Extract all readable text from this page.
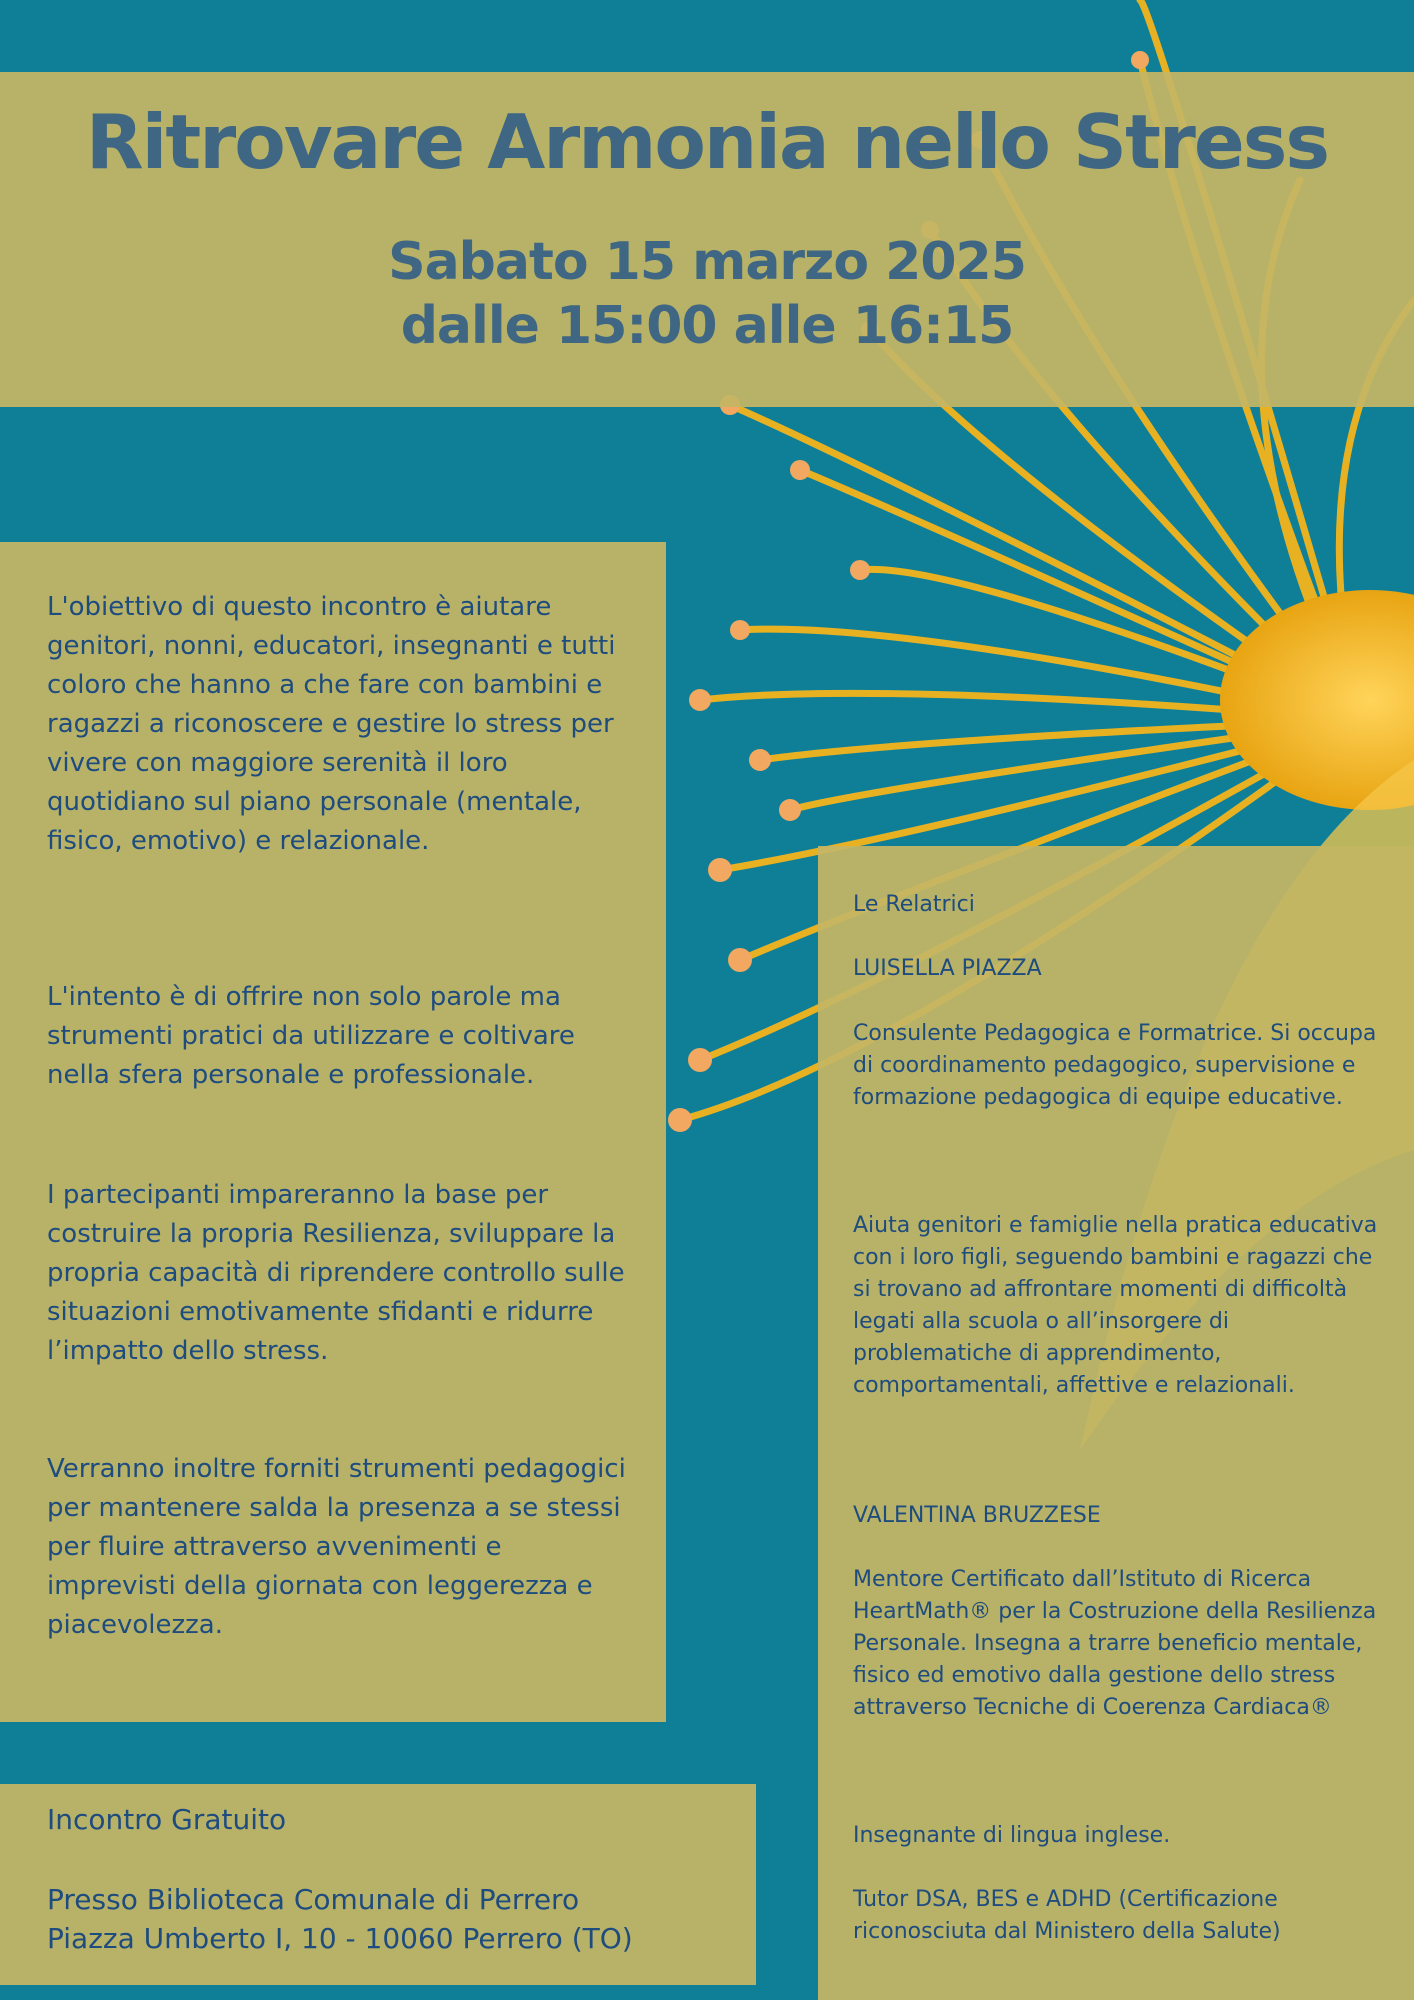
Ritrovare Armonia nello Stress

Sabato 15 marzo 2025

dalle 15:00 alle 16:15

L'obiettivo di questo incontro è aiutare genitori, nonni, educatori, insegnanti e tutti coloro che hanno a che fare con bambini e ragazzi a riconoscere e gestire lo stress per vivere con maggiore serenità il loro quotidiano sul piano personale (mentale, fisico, emotivo) e relazionale.

L'intento è di offrire non solo parole ma strumenti pratici da utilizzare e coltivare nella sfera personale e professionale.

I partecipanti impareranno la base per costruire la propria Resilienza, sviluppare la propria capacità di riprendere controllo sulle situazioni emotivamente sfidanti e ridurre l’impatto dello stress.

Verranno inoltre forniti strumenti pedagogici per mantenere salda la presenza a se stessi per fluire attraverso avvenimenti e imprevisti della giornata con leggerezza e piacevolezza.

Le Relatrici

LUISELLA PIAZZA

Consulente Pedagogica e Formatrice. Si occupa di coordinamento pedagogico, supervisione e formazione pedagogica di equipe educative.

Aiuta genitori e famiglie nella pratica educativa con i loro figli, seguendo bambini e ragazzi che si trovano ad affrontare momenti di difficoltà legati alla scuola o all’insorgere di problematiche di apprendimento, comportamentali, affettive e relazionali.

VALENTINA BRUZZESE

Mentore Certificato dall’Istituto di Ricerca HeartMath® per la Costruzione della Resilienza Personale. Insegna a trarre beneficio mentale, fisico ed emotivo dalla gestione dello stress attraverso Tecniche di Coerenza Cardiaca®

Insegnante di lingua inglese.

Tutor DSA, BES e ADHD (Certificazione riconosciuta dal Ministero della Salute)

Incontro Gratuito

Presso Biblioteca Comunale di Perrero
Piazza Umberto I, 10 - 10060 Perrero (TO)
